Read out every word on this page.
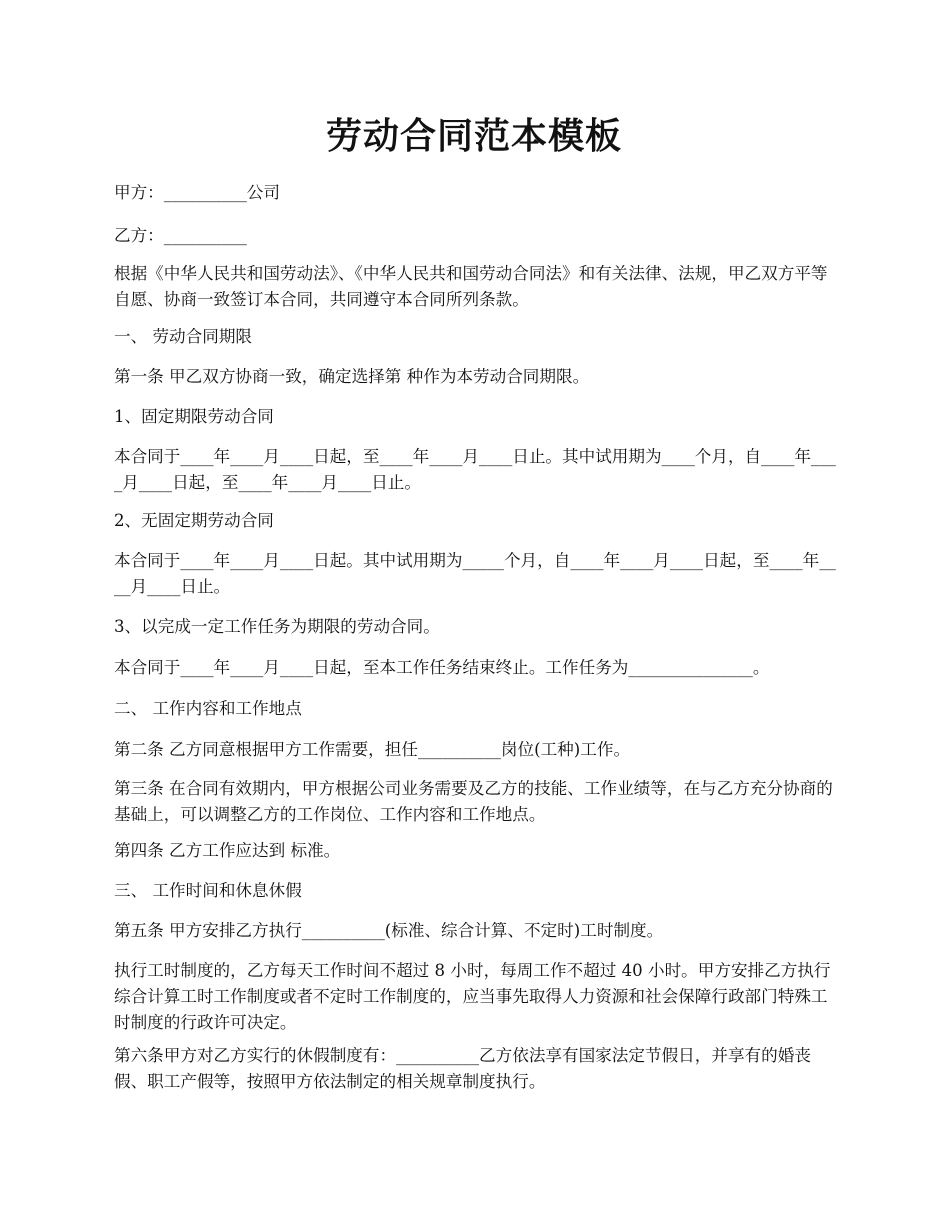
劳动合同范本模板

甲方：__________公司

乙方：__________

根据《中华人民共和国劳动法》、《中华人民共和国劳动合同法》和有关法律、法规，甲乙双方平等自愿、协商一致签订本合同，共同遵守本合同所列条款。

一、 劳动合同期限

第一条 甲乙双方协商一致，确定选择第 种作为本劳动合同期限。

1、固定期限劳动合同

本合同于____年____月____日起，至____年____月____日止。其中试用期为____个月，自____年____月____日起，至____年____月____日止。

2、无固定期劳动合同

本合同于____年____月____日起。其中试用期为_____个月，自____年____月____日起，至____年____月____日止。

3、以完成一定工作任务为期限的劳动合同。

本合同于____年____月____日起，至本工作任务结束终止。工作任务为_______________。

二、 工作内容和工作地点

第二条 乙方同意根据甲方工作需要，担任__________岗位(工种)工作。

第三条 在合同有效期内，甲方根据公司业务需要及乙方的技能、工作业绩等，在与乙方充分协商的基础上，可以调整乙方的工作岗位、工作内容和工作地点。

第四条 乙方工作应达到 标准。

三、 工作时间和休息休假

第五条 甲方安排乙方执行__________(标准、综合计算、不定时)工时制度。

执行工时制度的，乙方每天工作时间不超过 8 小时，每周工作不超过 40 小时。甲方安排乙方执行综合计算工时工作制度或者不定时工作制度的，应当事先取得人力资源和社会保障行政部门特殊工时制度的行政许可决定。

第六条甲方对乙方实行的休假制度有：__________乙方依法享有国家法定节假日，并享有的婚丧假、职工产假等，按照甲方依法制定的相关规章制度执行。
